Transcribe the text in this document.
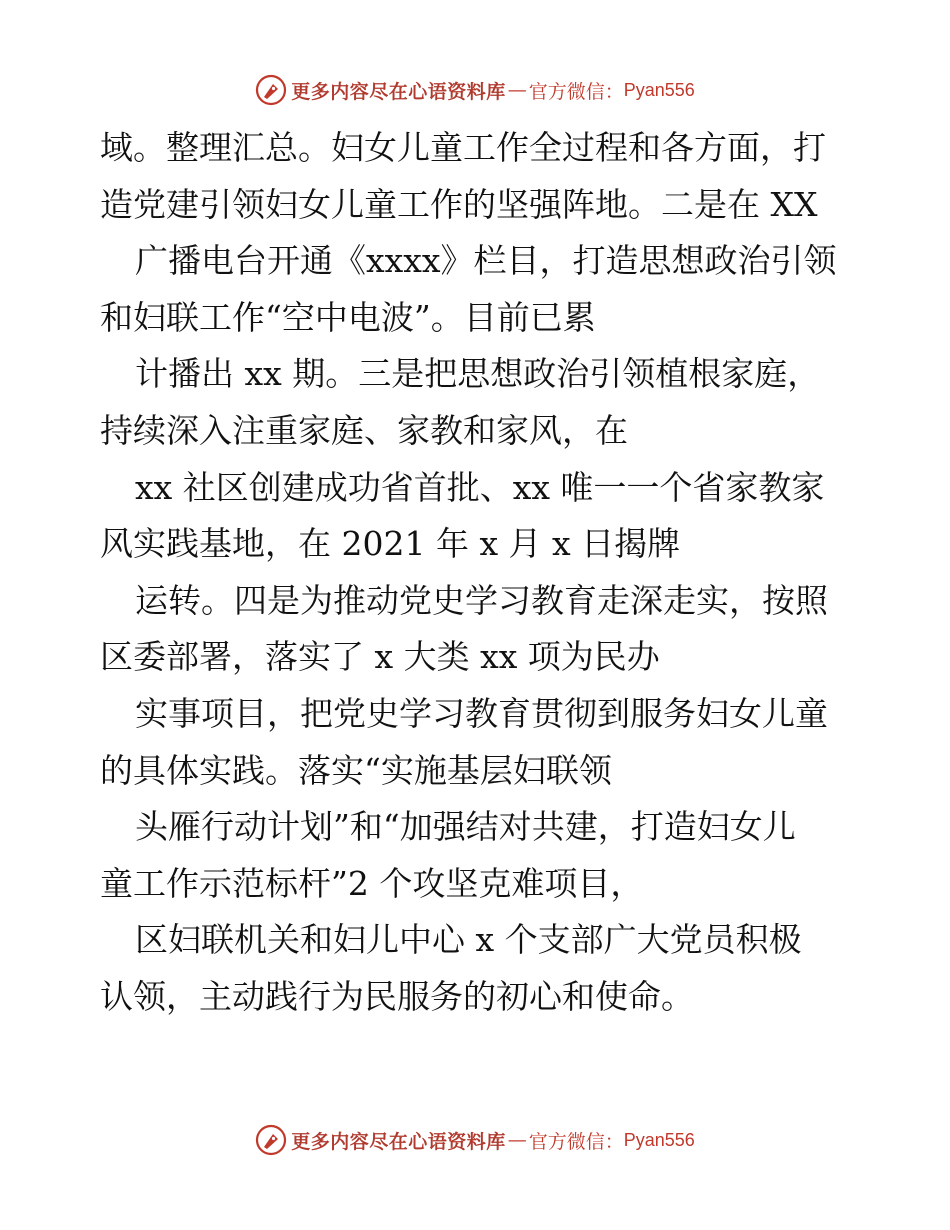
更多内容尽在心语资料库 — 官方微信： Pyan556
域。整理汇总。妇女儿童工作全过程和各方面，打
造党建引领妇女儿童工作的坚强阵地。二是在 XX
广播电台开通《xxxx》栏目，打造思想政治引领
和妇联工作“空中电波”。目前已累
计播出 xx 期。三是把思想政治引领植根家庭，
持续深入注重家庭、家教和家风，在
xx 社区创建成功省首批、xx 唯一一个省家教家
风实践基地，在 2021 年 x 月 x 日揭牌
运转。四是为推动党史学习教育走深走实，按照
区委部署，落实了 x 大类 xx 项为民办
实事项目，把党史学习教育贯彻到服务妇女儿童
的具体实践。落实“实施基层妇联领
头雁行动计划”和“加强结对共建，打造妇女儿
童工作示范标杆”2 个攻坚克难项目，
区妇联机关和妇儿中心 x 个支部广大党员积极
认领，主动践行为民服务的初心和使命。
更多内容尽在心语资料库 — 官方微信： Pyan556
